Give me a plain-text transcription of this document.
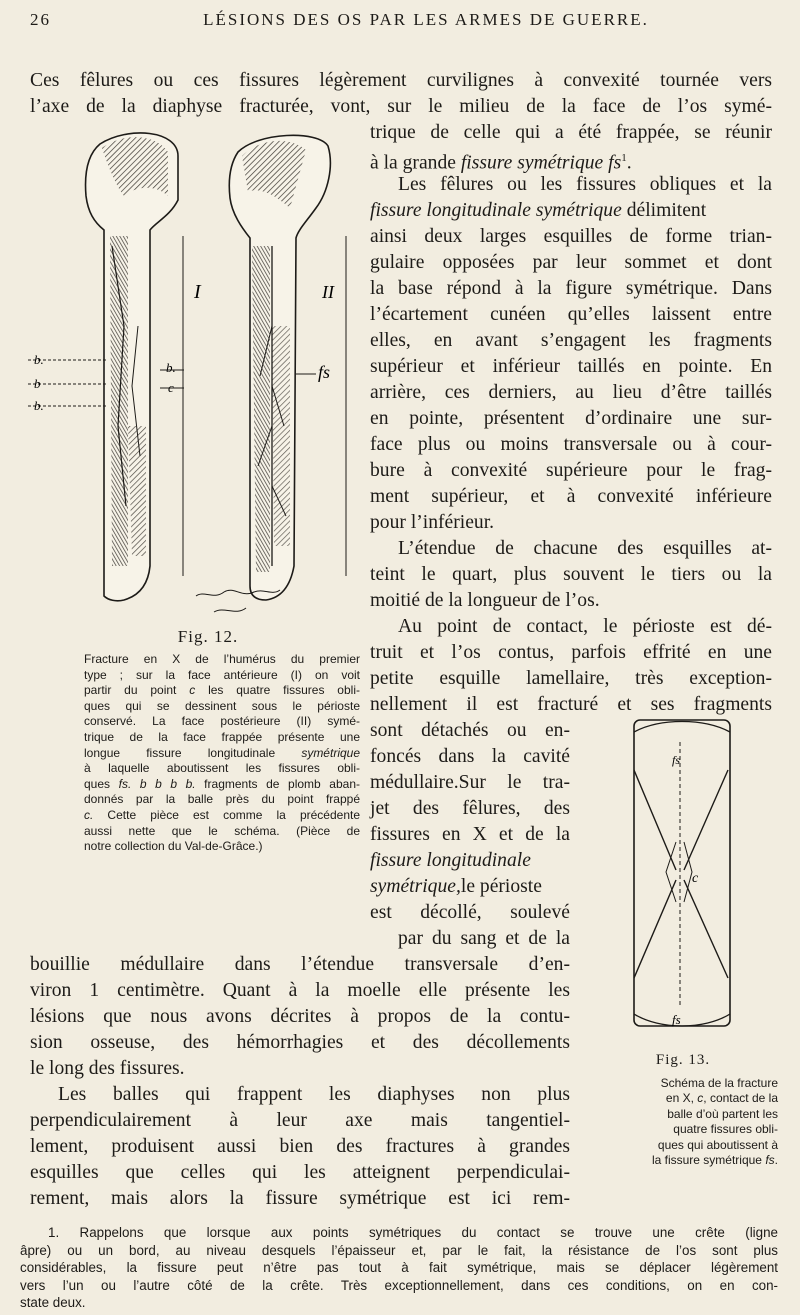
26	LÉSIONS DES OS PAR LES ARMES DE GUERRE.
Ces fêlures ou ces fissures légèrement curvilignes à convexité tournée vers
l’axe de la diaphyse fracturée, vont, sur le milieu de la face de l’os symé-
trique de celle qui a été frappée, se réunir
à la grande fissure symétrique $fs^1$.
Les fêlures ou les fissures obliques et la
fissure longitudinale symétrique délimitent
ainsi deux larges esquilles de forme trian-
gulaire opposées par leur sommet et dont
la base répond à la figure symétrique. Dans
l’écartement cunéen qu’elles laissent entre
elles, en avant s’engagent les fragments
supérieur et inférieur taillés en pointe. En
arrière, ces derniers, au lieu d’être taillés
en pointe, présentent d’ordinaire une sur-
face plus ou moins transversale ou à cour-
bure à convexité supérieure pour le frag-
ment supérieur, et à convexité inférieure
pour l’inférieur.
L’étendue de chacune des esquilles at-
teint le quart, plus souvent le tiers ou la
moitié de la longueur de l’os.
Au point de contact, le périoste est dé-
truit et l’os contus, parfois effrité en une
petite esquille lamellaire, très exception-
nellement il est fracturé et ses fragments
sont détachés ou en-
foncés dans la cavité
médullaire.Sur le tra-
jet des fêlures, des
fissures en X et de la
fissure longitudinale
symétrique,le périoste
est décollé, soulevé
par du sang et de la
bouillie médullaire dans l’étendue transversale d’en-
viron 1 centimètre. Quant à la moelle elle présente les
lésions que nous avons décrites à propos de la contu-
sion osseuse, des hémorrhagies et des décollements
le long des fissures.
Les balles qui frappent les diaphyses non plus
perpendiculairement à leur axe mais tangentiel-
lement, produisent aussi bien des fractures à grandes
esquilles que celles qui les atteignent perpendiculai-
rement, mais alors la fissure symétrique est ici rem-
I	II
b.
c
fs
b.
b
b.
Fig. 12.
Fracture en X de l’humérus du premier
type ; sur la face antérieure (I) on voit
partir du point c les quatre fissures obli-
ques qui se dessinent sous le périoste
conservé. La face postérieure (II) symé-
trique de la face frappée présente une
longue fissure longitudinale symétrique
à laquelle aboutissent les fissures obli-
ques fs. b b b b. fragments de plomb aban-
donnés par la balle près du point frappé
c. Cette pièce est comme la précédente
aussi nette que le schéma. (Pièce de
notre collection du Val-de-Grâce.)
fs
c
fs
Fig. 13.
Schéma de la fracture
en X, c, contact de la
balle d’où partent les
quatre fissures obli-
ques qui aboutissent à
la fissure symétrique fs.
1. Rappelons que lorsque aux points symétriques du contact se trouve une crête (ligne
âpre) ou un bord, au niveau desquels l’épaisseur et, par le fait, la résistance de l’os sont plus
considérables, la fissure peut n’être pas tout à fait symétrique, mais se déplacer légèrement
vers l’un ou l’autre côté de la crête. Très exceptionnellement, dans ces conditions, on en con-
state deux.
